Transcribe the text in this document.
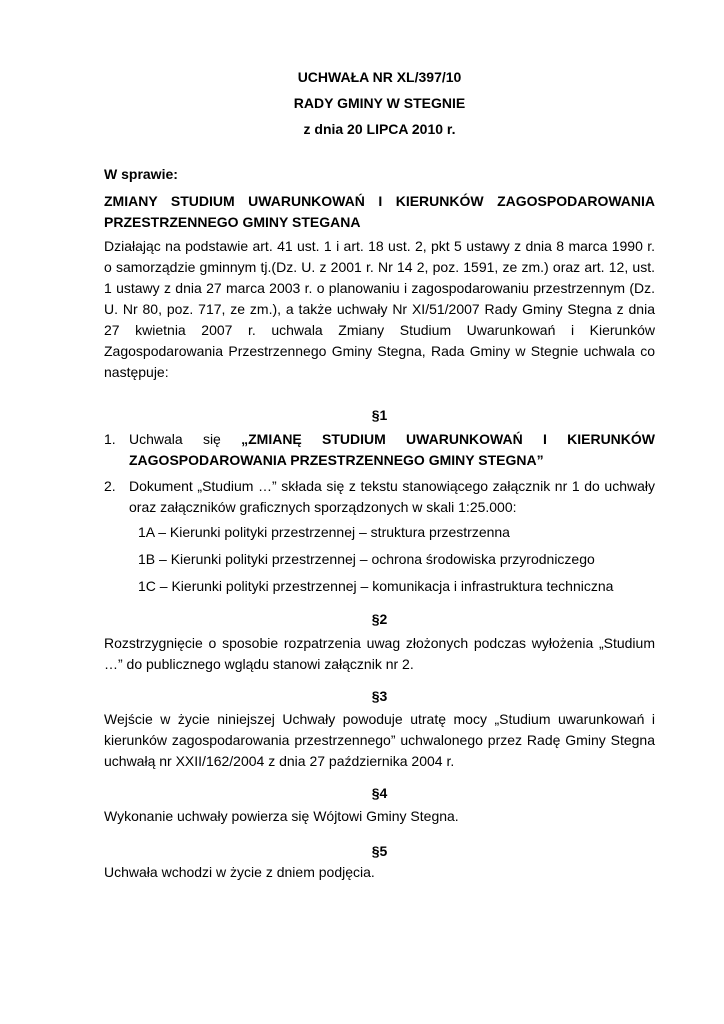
UCHWAŁA NR XL/397/10
RADY GMINY W STEGNIE
z dnia 20 LIPCA 2010 r.
W sprawie:
ZMIANY STUDIUM UWARUNKOWAŃ I KIERUNKÓW ZAGOSPODAROWANIA PRZESTRZENNEGO GMINY STEGANA
Działając na podstawie art. 41 ust. 1 i art. 18 ust. 2, pkt 5 ustawy z dnia 8 marca 1990 r. o samorządzie gminnym tj.(Dz. U. z 2001 r. Nr 14 2, poz. 1591, ze zm.) oraz art. 12, ust. 1 ustawy z dnia 27 marca 2003 r. o planowaniu i zagospodarowaniu przestrzennym (Dz. U. Nr 80, poz. 717, ze zm.), a także uchwały Nr XI/51/2007 Rady Gminy Stegna z dnia 27 kwietnia 2007 r. uchwala Zmiany Studium Uwarunkowań i Kierunków Zagospodarowania Przestrzennego Gminy Stegna, Rada Gminy w Stegnie uchwala co następuje:
§1
1. Uchwala się „ZMIANĘ STUDIUM UWARUNKOWAŃ I KIERUNKÓW ZAGOSPODAROWANIA PRZESTRZENNEGO GMINY STEGNA”
2. Dokument „Studium …” składa się z tekstu stanowiącego załącznik nr 1 do uchwały oraz załączników graficznych sporządzonych w skali 1:25.000:
1A – Kierunki polityki przestrzennej – struktura przestrzenna
1B – Kierunki polityki przestrzennej – ochrona środowiska przyrodniczego
1C – Kierunki polityki przestrzennej – komunikacja i infrastruktura techniczna
§2
Rozstrzygnięcie o sposobie rozpatrzenia uwag złożonych podczas wyłożenia „Studium …” do publicznego wglądu stanowi załącznik nr 2.
§3
Wejście w życie niniejszej Uchwały powoduje utratę mocy „Studium uwarunkowań i kierunków zagospodarowania przestrzennego” uchwalonego przez Radę Gminy Stegna uchwałą nr XXII/162/2004 z dnia 27 października 2004 r.
§4
Wykonanie uchwały powierza się Wójtowi Gminy Stegna.
§5
Uchwała wchodzi w życie z dniem podjęcia.
